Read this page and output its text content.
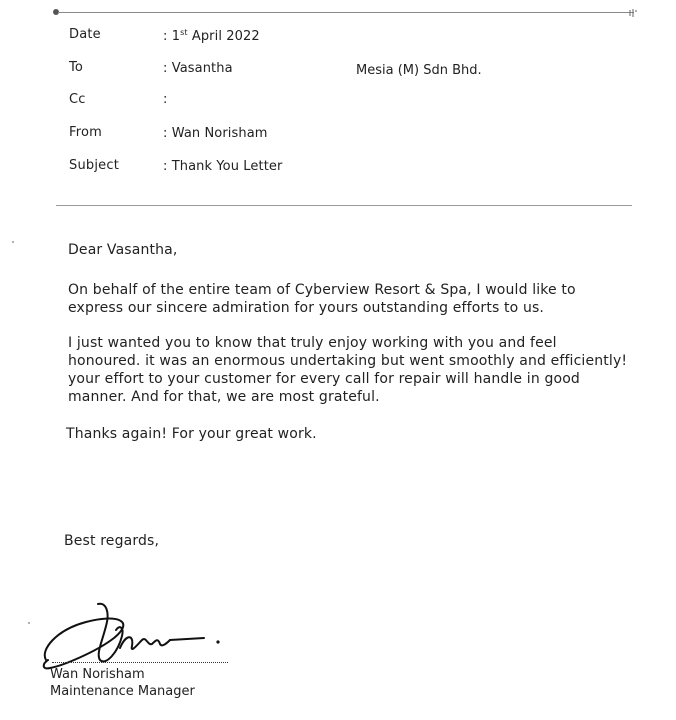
Date	: 1st April 2022
To	: Vasantha	Mesia (M) Sdn Bhd.
Cc	:
From	: Wan Norisham
Subject	: Thank You Letter
Dear Vasantha,
On behalf of the entire team of Cyberview Resort & Spa, I would like to express our sincere admiration for yours outstanding efforts to us.
I just wanted you to know that truly enjoy working with you and feel honoured. it was an enormous undertaking but went smoothly and efficiently! your effort to your customer for every call for repair will handle in good manner. And for that, we are most grateful.
Thanks again! For your great work.
Best regards,
Wan Norisham
Maintenance Manager
